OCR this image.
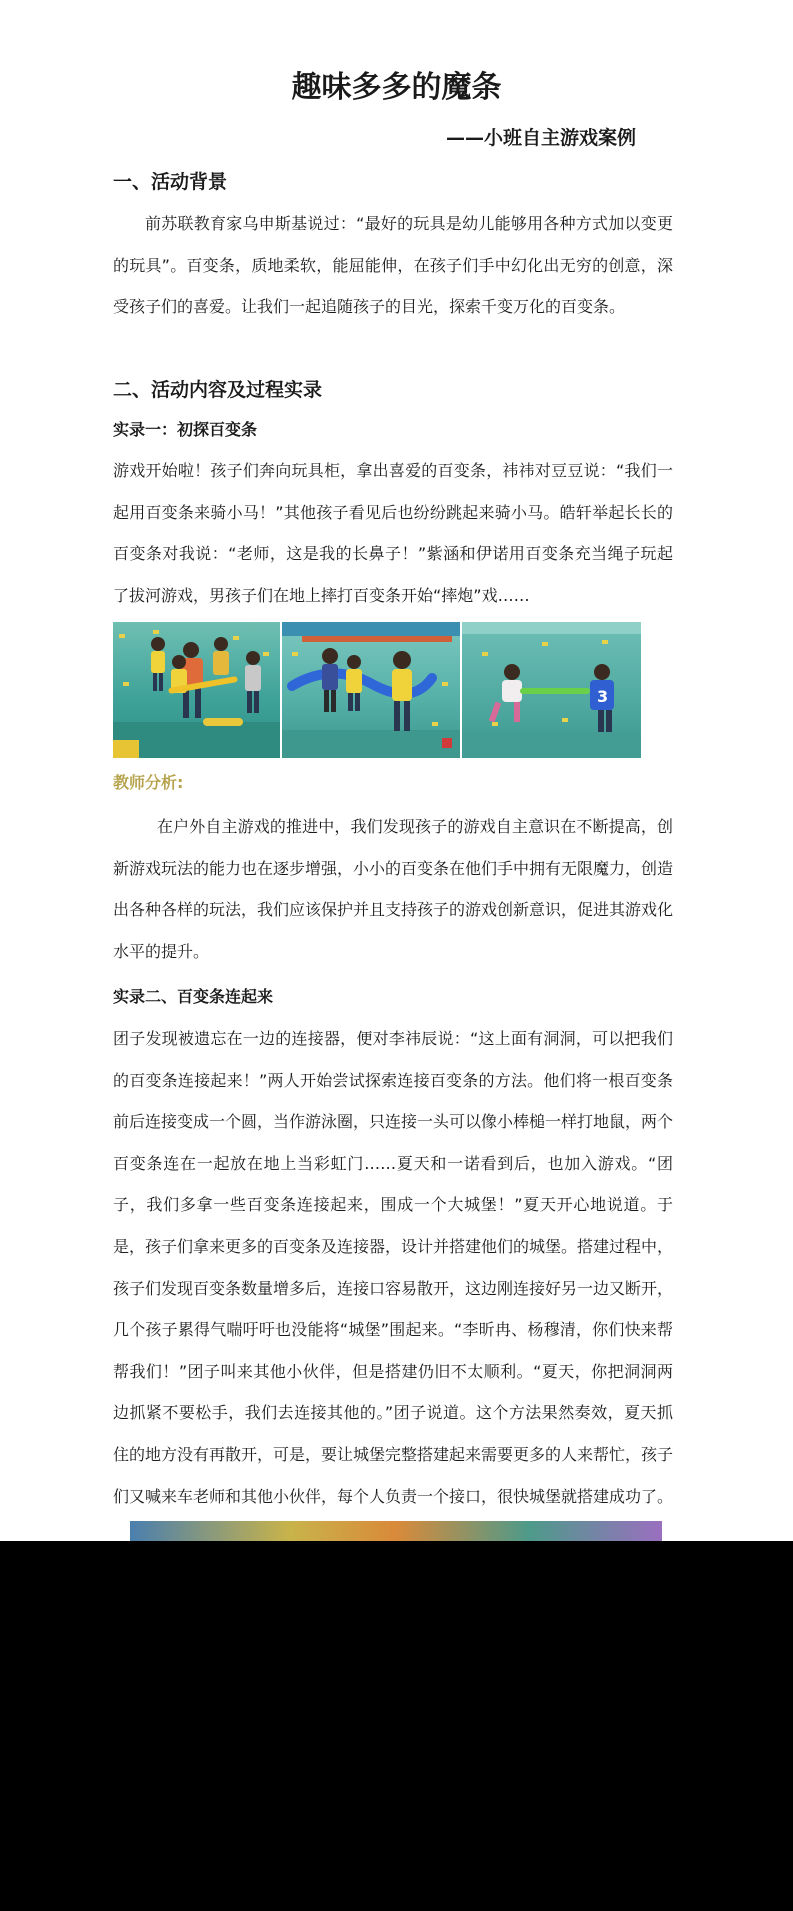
趣味多多的魔条
——小班自主游戏案例
一、活动背景

前苏联教育家乌申斯基说过：“最好的玩具是幼儿能够用各种方式加以变更的玩具”。百变条，质地柔软，能屈能伸，在孩子们手中幻化出无穷的创意，深受孩子们的喜爱。让我们一起追随孩子的目光，探索千变万化的百变条。

二、活动内容及过程实录
实录一：初探百变条

游戏开始啦！孩子们奔向玩具柜，拿出喜爱的百变条，祎祎对豆豆说：“我们一起用百变条来骑小马！”其他孩子看见后也纷纷跳起来骑小马。皓轩举起长长的百变条对我说：“老师，这是我的长鼻子！”紫涵和伊诺用百变条充当绳子玩起了拔河游戏，男孩子们在地上摔打百变条开始“摔炮”戏……

3
教师分析:

在户外自主游戏的推进中，我们发现孩子的游戏自主意识在不断提高，创新游戏玩法的能力也在逐步增强，小小的百变条在他们手中拥有无限魔力，创造出各种各样的玩法，我们应该保护并且支持孩子的游戏创新意识，促进其游戏化水平的提升。

实录二、百变条连起来

团子发现被遗忘在一边的连接器，便对李祎辰说：“这上面有洞洞，可以把我们的百变条连接起来！”两人开始尝试探索连接百变条的方法。他们将一根百变条前后连接变成一个圆，当作游泳圈，只连接一头可以像小棒槌一样打地鼠，两个百变条连在一起放在地上当彩虹门……夏天和一诺看到后，也加入游戏。“团子，我们多拿一些百变条连接起来，围成一个大城堡！”夏天开心地说道。于是，孩子们拿来更多的百变条及连接器，设计并搭建他们的城堡。搭建过程中，孩子们发现百变条数量增多后，连接口容易散开，这边刚连接好另一边又断开，几个孩子累得气喘吁吁也没能将“城堡”围起来。“李昕冉、杨穆清，你们快来帮帮我们！”团子叫来其他小伙伴，但是搭建仍旧不太顺利。“夏天，你把洞洞两边抓紧不要松手，我们去连接其他的。”团子说道。这个方法果然奏效，夏天抓住的地方没有再散开，可是，要让城堡完整搭建起来需要更多的人来帮忙，孩子们又喊来车老师和其他小伙伴，每个人负责一个接口，很快城堡就搭建成功了。
